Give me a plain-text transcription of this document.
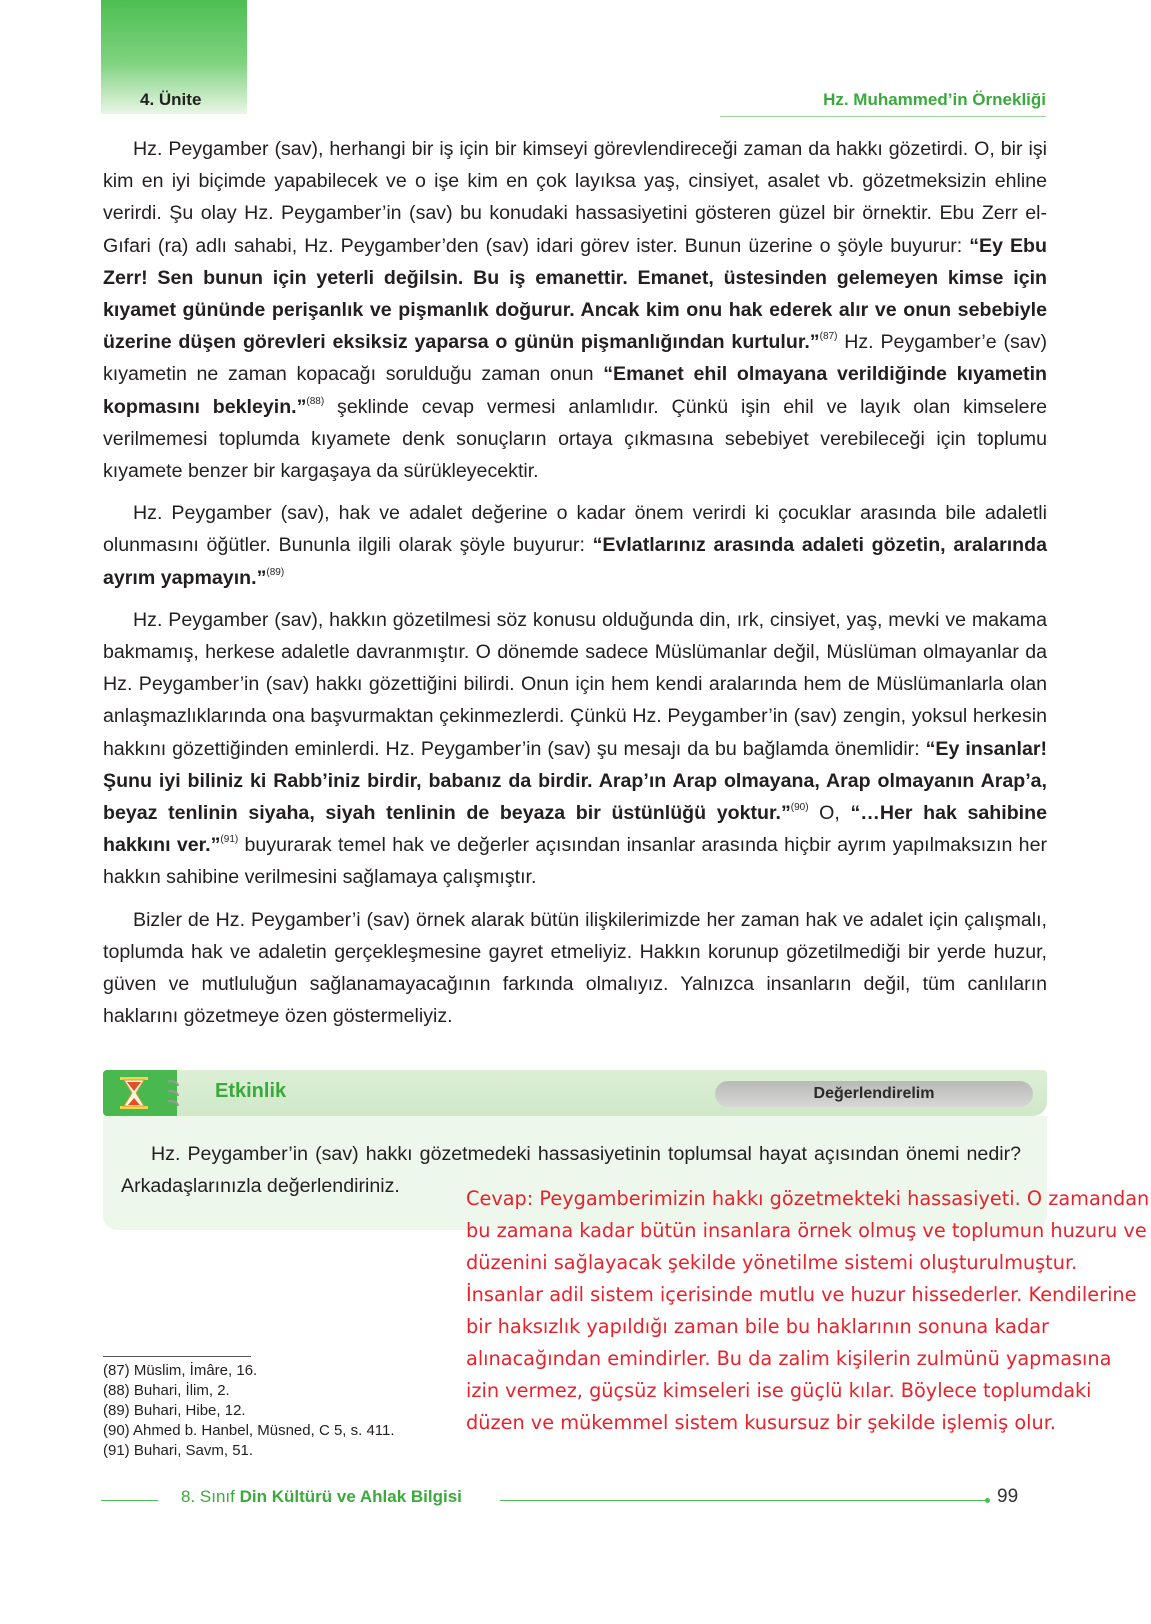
4. Ünite	Hz. Muhammed’in Örnekliği

Hz. Peygamber (sav), herhangi bir iş için bir kimseyi görevlendireceği zaman da hakkı gözetirdi. O, bir işi kim en iyi biçimde yapabilecek ve o işe kim en çok layıksa yaş, cinsiyet, asalet vb. gözetmeksizin ehline verirdi. Şu olay Hz. Peygamber’in (sav) bu konudaki hassasiyetini gösteren güzel bir örnektir. Ebu Zerr el-Gıfari (ra) adlı sahabi, Hz. Peygamber’den (sav) idari görev ister. Bunun üzerine o şöyle buyurur: “Ey Ebu Zerr! Sen bunun için yeterli değilsin. Bu iş emanettir. Emanet, üstesinden gelemeyen kimse için kıyamet gününde perişanlık ve pişmanlık doğurur. Ancak kim onu hak ederek alır ve onun sebebiyle üzerine düşen görevleri eksiksiz yaparsa o günün pişmanlığından kurtulur.”$^{(87)}$ Hz. Peygamber’e (sav) kıyametin ne zaman kopacağı sorulduğu zaman onun “Emanet ehil olmayana verildiğinde kıyametin kopmasını bekleyin.”$^{(88)}$ şeklinde cevap vermesi anlamlıdır. Çünkü işin ehil ve layık olan kimselere verilmemesi toplumda kıyamete denk sonuçların ortaya çıkmasına sebebiyet verebileceği için toplumu kıyamete benzer bir kargaşaya da sürükleyecektir.

Hz. Peygamber (sav), hak ve adalet değerine o kadar önem verirdi ki çocuklar arasında bile adaletli olunmasını öğütler. Bununla ilgili olarak şöyle buyurur: “Evlatlarınız arasında adaleti gözetin, aralarında ayrım yapmayın.”$^{(89)}$

Hz. Peygamber (sav), hakkın gözetilmesi söz konusu olduğunda din, ırk, cinsiyet, yaş, mevki ve makama bakmamış, herkese adaletle davranmıştır. O dönemde sadece Müslümanlar değil, Müslüman olmayanlar da Hz. Peygamber’in (sav) hakkı gözettiğini bilirdi. Onun için hem kendi aralarında hem de Müslümanlarla olan anlaşmazlıklarında ona başvurmaktan çekinmezlerdi. Çünkü Hz. Peygamber’in (sav) zengin, yoksul herkesin hakkını gözettiğinden eminlerdi. Hz. Peygamber’in (sav) şu mesajı da bu bağlamda önemlidir: “Ey insanlar! Şunu iyi biliniz ki Rabb’iniz birdir, babanız da birdir. Arap’ın Arap olmayana, Arap olmayanın Arap’a, beyaz tenlinin siyaha, siyah tenlinin de beyaza bir üstünlüğü yoktur.”$^{(90)}$ O, “…Her hak sahibine hakkını ver.”$^{(91)}$ buyurarak temel hak ve değerler açısından insanlar arasında hiçbir ayrım yapılmaksızın her hakkın sahibine verilmesini sağlamaya çalışmıştır.

Bizler de Hz. Peygamber’i (sav) örnek alarak bütün ilişkilerimizde her zaman hak ve adalet için çalışmalı, toplumda hak ve adaletin gerçekleşmesine gayret etmeliyiz. Hakkın korunup gözetilmediği bir yerde huzur, güven ve mutluluğun sağlanamayacağının farkında olmalıyız. Yalnızca insanların değil, tüm canlıların haklarını gözetmeye özen göstermeliyiz.

Etkinlik	Değerlendirelim
Hz. Peygamber’in (sav) hakkı gözetmedeki hassasiyetinin toplumsal hayat açısından önemi nedir? Arkadaşlarınızla değerlendiriniz.
Cevap: Peygamberimizin hakkı gözetmekteki hassasiyeti. O zamandan bu zamana kadar bütün insanlara örnek olmuş ve toplumun huzuru ve düzenini sağlayacak şekilde yönetilme sistemi oluşturulmuştur. İnsanlar adil sistem içerisinde mutlu ve huzur hissederler. Kendilerine bir haksızlık yapıldığı zaman bile bu haklarının sonuna kadar alınacağından emindirler. Bu da zalim kişilerin zulmünü yapmasına izin vermez, güçsüz kimseleri ise güçlü kılar. Böylece toplumdaki düzen ve mükemmel sistem kusursuz bir şekilde işlemiş olur.
(87) Müslim, İmâre, 16.
(88) Buhari, İlim, 2.
(89) Buhari, Hibe, 12.
(90) Ahmed b. Hanbel, Müsned, C 5, s. 411.
(91) Buhari, Savm, 51.
8. Sınıf Din Kültürü ve Ahlak Bilgisi	99
